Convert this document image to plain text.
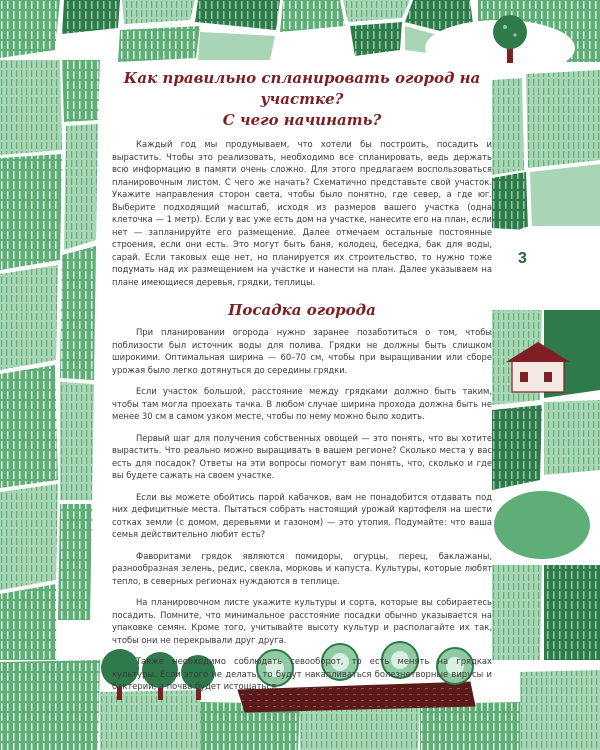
3
Как правильно спланировать огород на участке?
С чего начинать?

Каждый год мы продумываем, что хотели бы построить, посадить и вырастить. Чтобы это реализовать, необходимо все спланировать, ведь держать всю информацию в памяти очень сложно. Для этого предлагаем воспользоваться планировочным листом. С чего же начать? Схематично представьте свой участок. Укажите направления сторон света, чтобы было понятно, где север, а где юг. Выберите подходящий масштаб, исходя из размеров вашего участка (одна клеточка — 1 метр). Если у вас уже есть дом на участке, нанесите его на план, если нет — запланируйте его размещение. Далее отмечаем остальные постоянные строения, если они есть. Это могут быть баня, колодец, беседка, бак для воды, сарай. Если таковых еще нет, но планируется их строительство, то нужно тоже подумать над их размещением на участке и нанести на план. Далее указываем на плане имеющиеся деревья, грядки, теплицы.

Посадка огорода

При планировании огорода нужно заранее позаботиться о том, чтобы поблизости был источник воды для полива. Грядки не должны быть слишком широкими. Оптимальная ширина — 60–70 см, чтобы при выращивании или сборе урожая было легко дотянуться до середины грядки.

Если участок большой, расстояние между грядками должно быть таким, чтобы там могла проехать тачка. В любом случае ширина прохода должна быть не менее 30 см в самом узком месте, чтобы по нему можно было ходить.

Первый шаг для получения собственных овощей — это понять, что вы хотите вырастить. Что реально можно выращивать в вашем регионе? Сколько места у вас есть для посадок? Ответы на эти вопросы помогут вам понять, что, сколько и где вы будете сажать на своем участке.

Если вы можете обойтись парой кабачков, вам не понадобится отдавать под них дефицитные места. Пытаться собрать настоящий урожай картофеля на шести сотках земли (с домом, деревьями и газоном) — это утопия. Подумайте: что ваша семья действительно любит есть?

Фаворитами грядок являются помидоры, огурцы, перец, баклажаны, разнообразная зелень, редис, свекла, морковь и капуста. Культуры, которые любят тепло, в северных регионах нуждаются в теплице.

На планировочном листе укажите культуры и сорта, которые вы собираетесь посадить. Помните, что минимальное расстояние посадки обычно указывается на упаковке семян. Кроме того, учитывайте высоту культур и располагайте их так, чтобы они не перекрывали друг друга.

Также необходимо соблюдать севооборот, то есть менять на грядках культуры. Если этого не делать, то будут накапливаться болезнетворные вирусы и бактерии, а почва будет истощаться.
